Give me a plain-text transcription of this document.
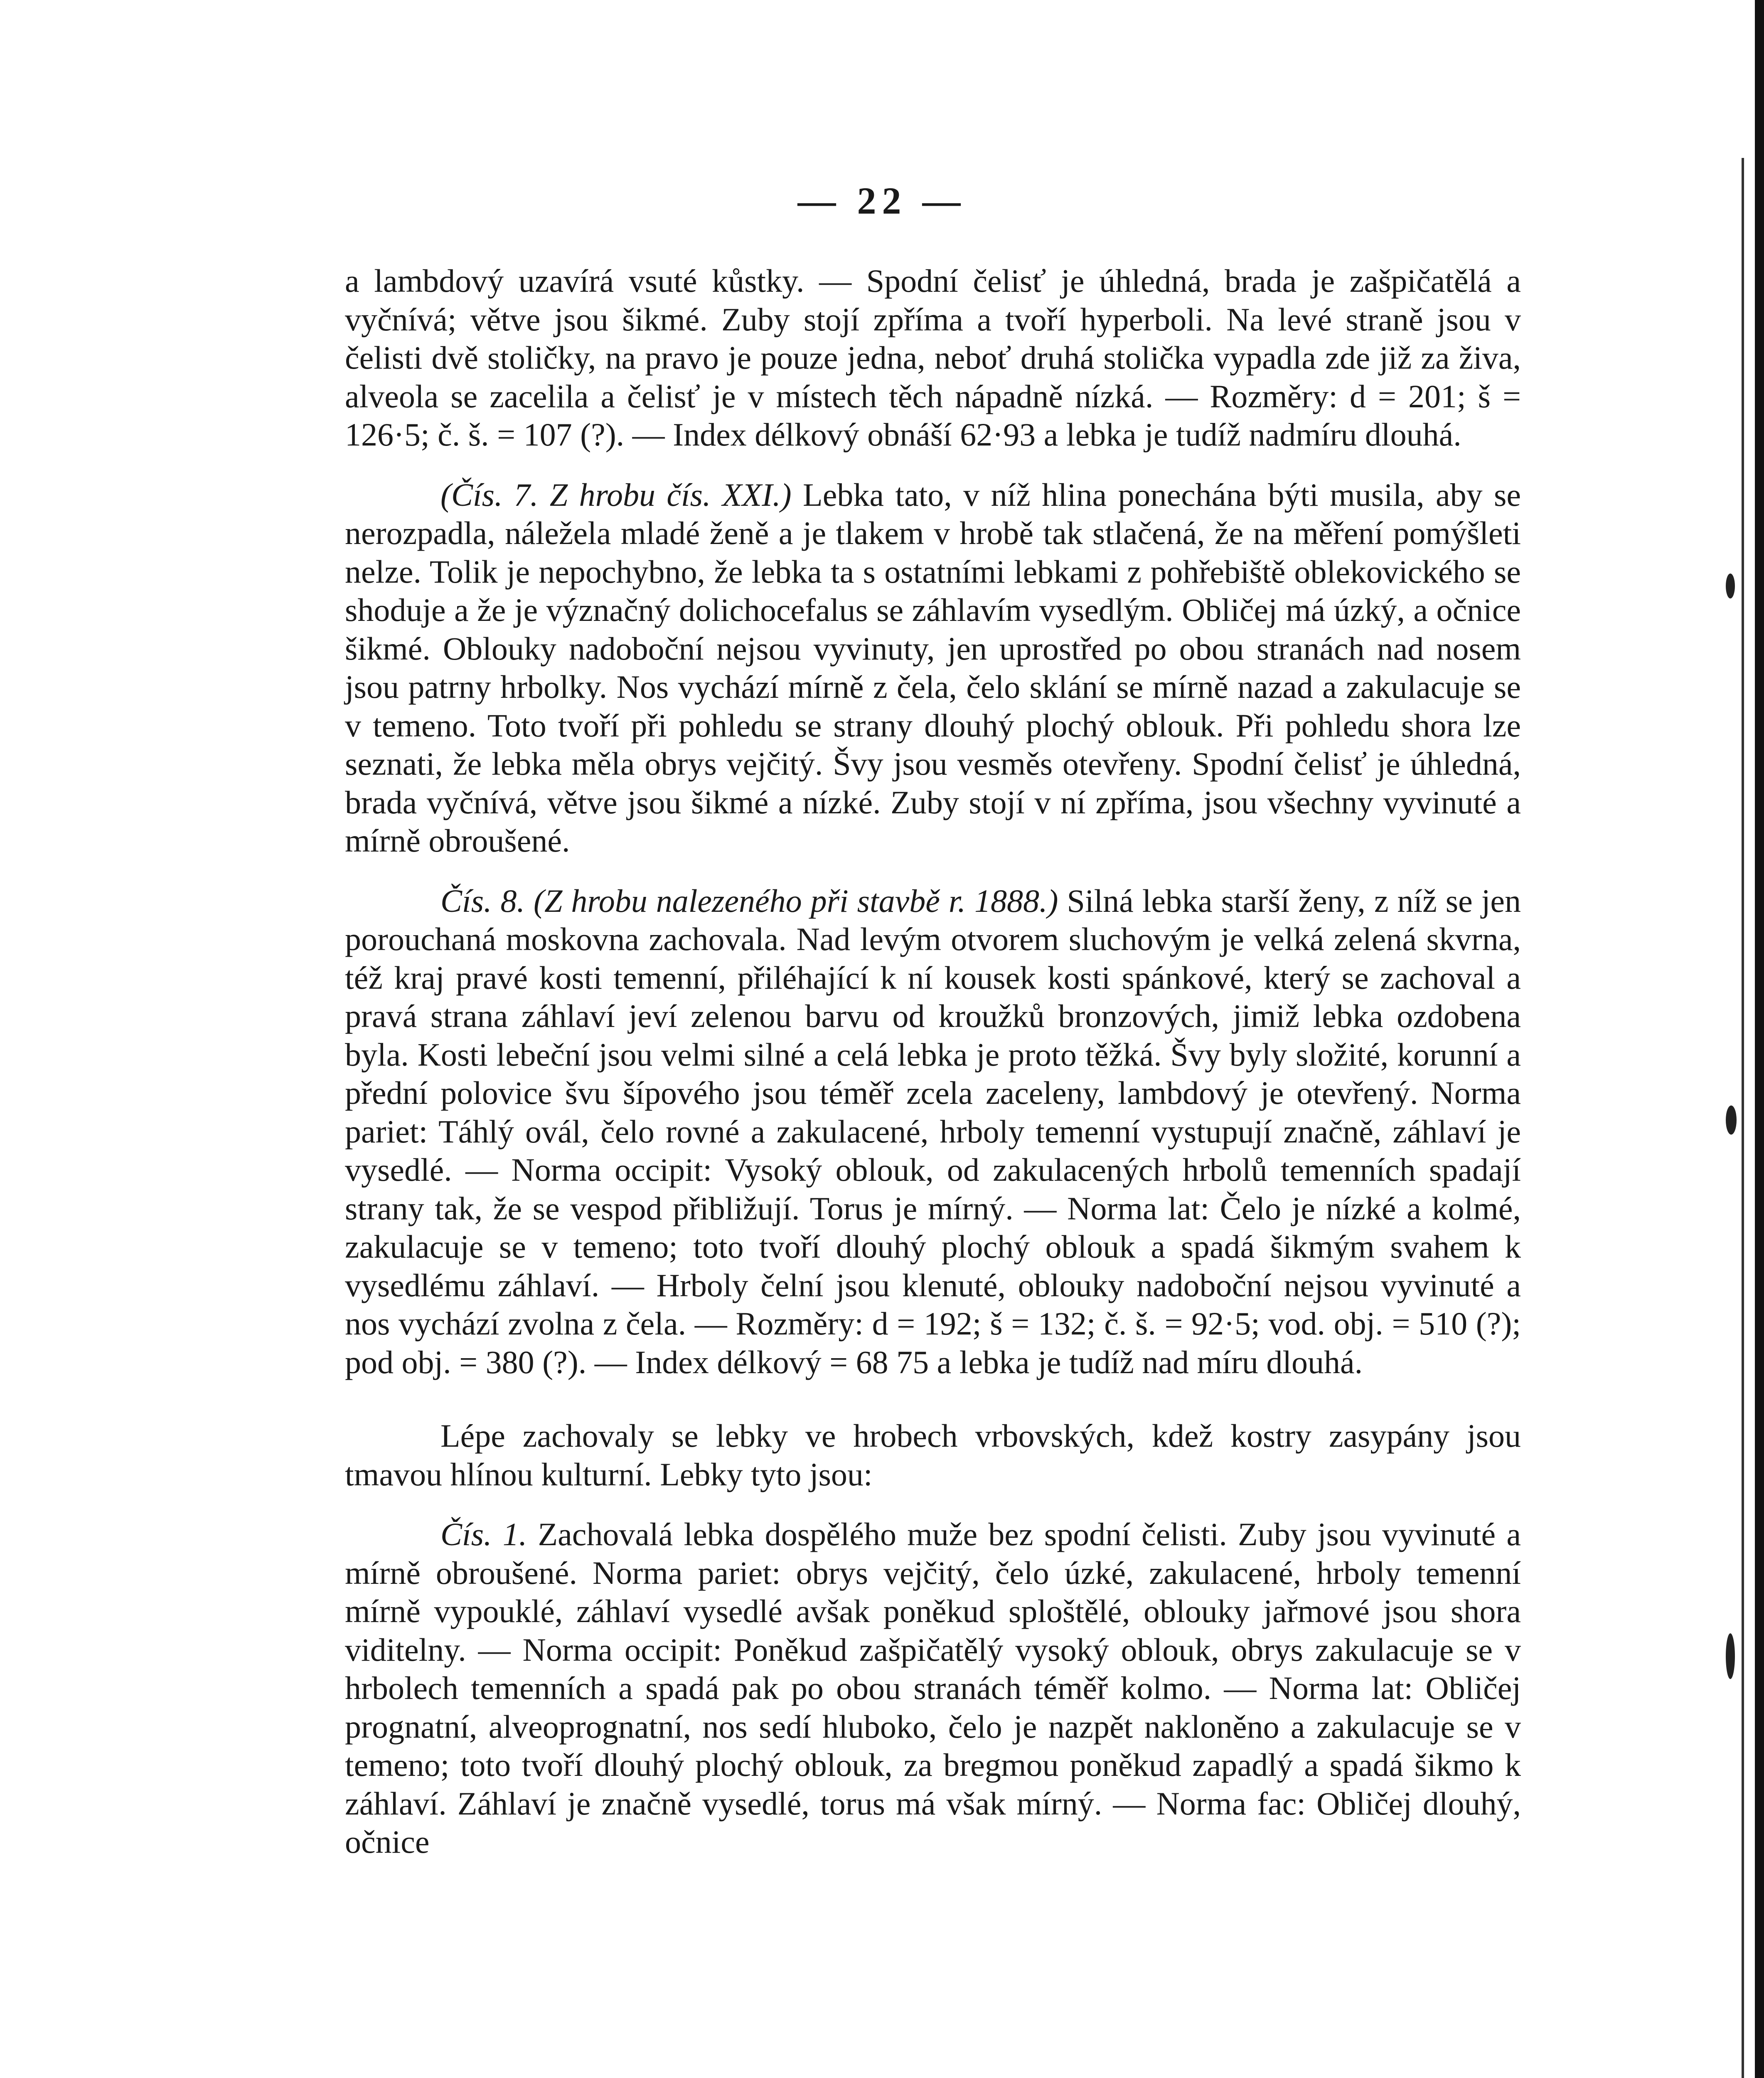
— 22 —

a lambdový uzavírá vsuté kůstky. — Spodní čelisť je úhledná, brada je zašpičatělá a vyčnívá; větve jsou šikmé. Zuby stojí zpříma a tvoří hyperboli. Na levé straně jsou v čelisti dvě stoličky, na pravo je pouze jedna, neboť druhá stolička vypadla zde již za živa, alveola se zacelila a čelisť je v místech těch nápadně nízká. — Rozměry: d = 201; š = 126·5; č. š. = 107 (?). — Index délkový obnáší 62·93 a lebka je tudíž nadmíru dlouhá.

(Čís. 7. Z hrobu čís. XXI.) Lebka tato, v níž hlina ponechána býti musila, aby se nerozpadla, náležela mladé ženě a je tlakem v hrobě tak stlačená, že na měření pomýšleti nelze. Tolik je nepochybno, že lebka ta s ostatními lebkami z pohřebiště oblekovického se shoduje a že je význačný dolichocefalus se záhlavím vysedlým. Obličej má úzký, a očnice šikmé. Oblouky nadoboční nejsou vyvinuty, jen uprostřed po obou stranách nad nosem jsou patrny hrbolky. Nos vychází mírně z čela, čelo sklání se mírně nazad a zakulacuje se v temeno. Toto tvoří při pohledu se strany dlouhý plochý oblouk. Při pohledu shora lze seznati, že lebka měla obrys vejčitý. Švy jsou vesměs otevřeny. Spodní čelisť je úhledná, brada vyčnívá, větve jsou šikmé a nízké. Zuby stojí v ní zpříma, jsou všechny vyvinuté a mírně obroušené.

Čís. 8. (Z hrobu nalezeného při stavbě r. 1888.) Silná lebka starší ženy, z níž se jen porouchaná moskovna zachovala. Nad levým otvorem sluchovým je velká zelená skvrna, též kraj pravé kosti temenní, přiléhající k ní kousek kosti spánkové, který se zachoval a pravá strana záhlaví jeví zelenou barvu od kroužků bronzových, jimiž lebka ozdobena byla. Kosti lebeční jsou velmi silné a celá lebka je proto těžká. Švy byly složité, korunní a přední polovice švu šípového jsou téměř zcela zaceleny, lambdový je otevřený. Norma pariet: Táhlý ovál, čelo rovné a zakulacené, hrboly temenní vystupují značně, záhlaví je vysedlé. — Norma occipit: Vysoký oblouk, od zakulacených hrbolů temenních spadají strany tak, že se vespod přibližují. Torus je mírný. — Norma lat: Čelo je nízké a kolmé, zakulacuje se v temeno; toto tvoří dlouhý plochý oblouk a spadá šikmým svahem k vysedlému záhlaví. — Hrboly čelní jsou klenuté, oblouky nadoboční nejsou vyvinuté a nos vychází zvolna z čela. — Rozměry: d = 192; š = 132; č. š. = 92·5; vod. obj. = 510 (?); pod obj. = 380 (?). — Index délkový = 68 75 a lebka je tudíž nad míru dlouhá.

Lépe zachovaly se lebky ve hrobech vrbovských, kdež kostry zasypány jsou tmavou hlínou kulturní. Lebky tyto jsou:

Čís. 1. Zachovalá lebka dospělého muže bez spodní čelisti. Zuby jsou vyvinuté a mírně obroušené. Norma pariet: obrys vejčitý, čelo úzké, zakulacené, hrboly temenní mírně vypouklé, záhlaví vysedlé avšak poněkud sploštělé, oblouky jařmové jsou shora viditelny. — Norma occipit: Poněkud zašpičatělý vysoký oblouk, obrys zakulacuje se v hrbolech temenních a spadá pak po obou stranách téměř kolmo. — Norma lat: Obličej prognatní, alveoprognatní, nos sedí hluboko, čelo je nazpět nakloněno a zakulacuje se v temeno; toto tvoří dlouhý plochý oblouk, za bregmou poněkud zapadlý a spadá šikmo k záhlaví. Záhlaví je značně vysedlé, torus má však mírný. — Norma fac: Obličej dlouhý, očnice
